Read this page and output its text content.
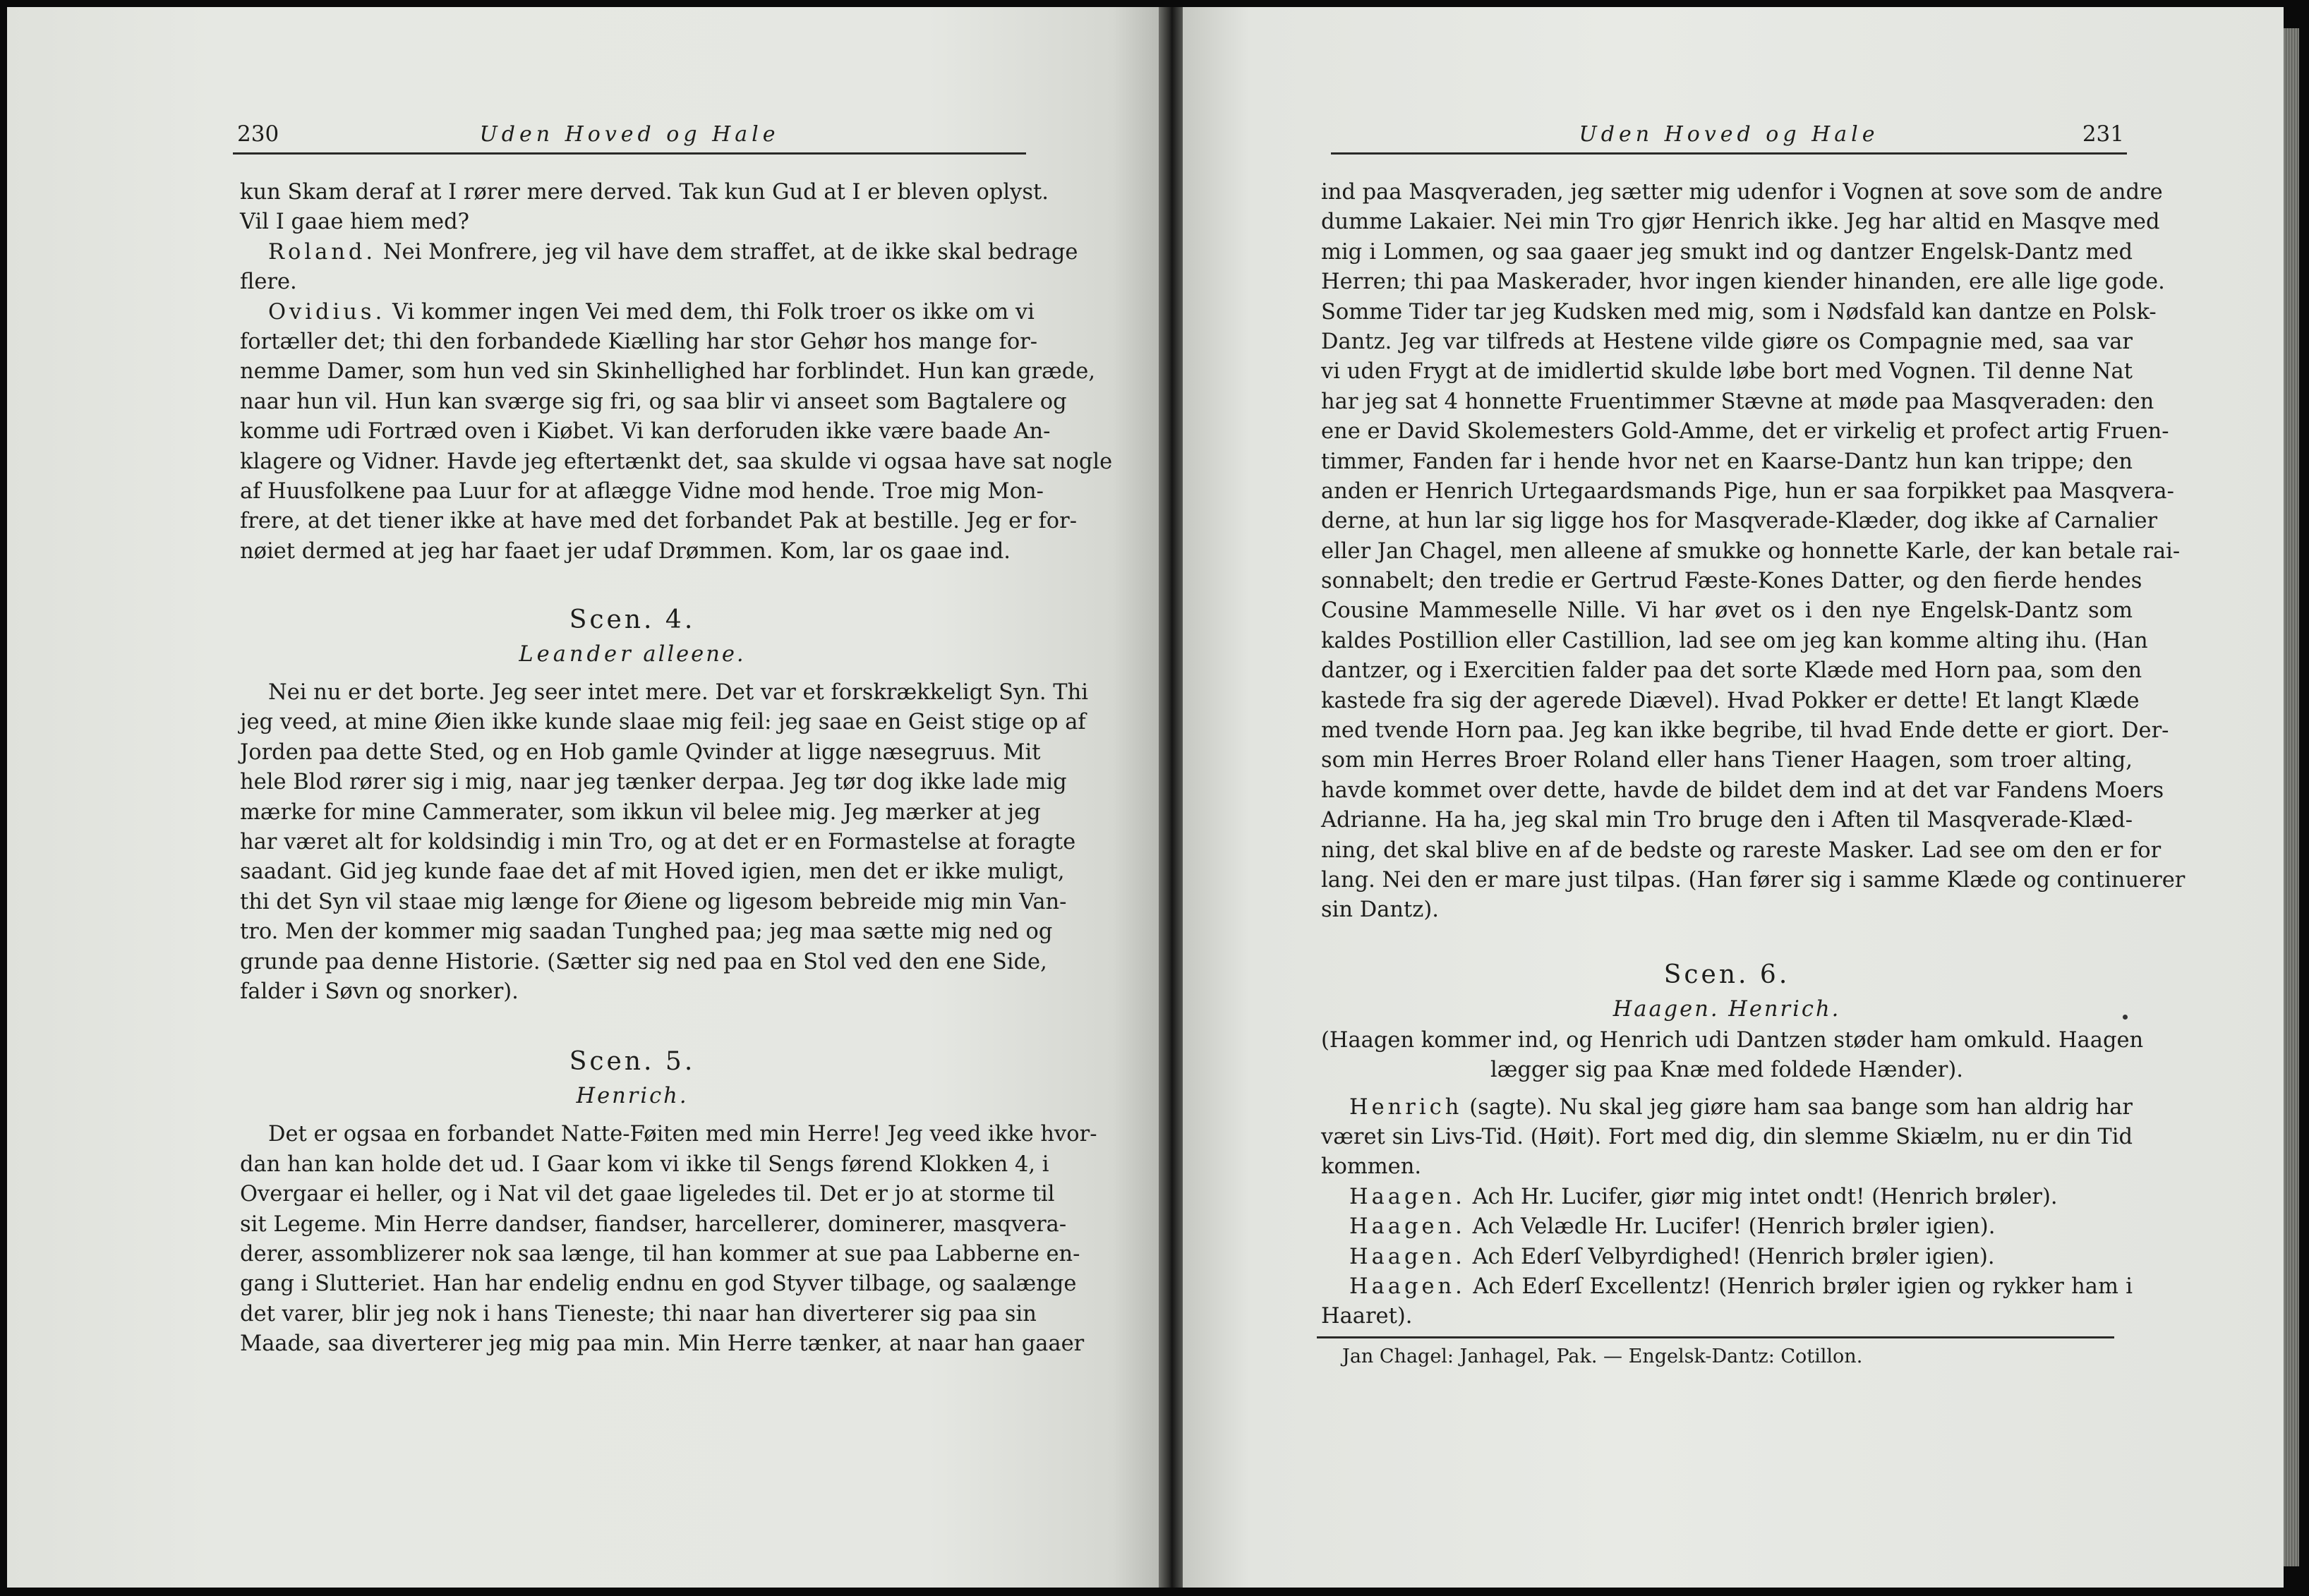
230	Uden Hoved og Hale
kun Skam deraf at I rører mere derved. Tak kun Gud at I er bleven oplyst.
Vil I gaae hiem med?
Roland. Nei Monfrere, jeg vil have dem straffet, at de ikke skal bedrage
flere.
Ovidius. Vi kommer ingen Vei med dem, thi Folk troer os ikke om vi
fortæller det; thi den forbandede Kiælling har stor Gehør hos mange for-
nemme Damer, som hun ved sin Skinhellighed har forblindet. Hun kan græde,
naar hun vil. Hun kan sværge sig fri, og saa blir vi anseet som Bagtalere og
komme udi Fortræd oven i Kiøbet. Vi kan derforuden ikke være baade An-
klagere og Vidner. Havde jeg eftertænkt det, saa skulde vi ogsaa have sat nogle
af Huusfolkene paa Luur for at aflægge Vidne mod hende. Troe mig Mon-
frere, at det tiener ikke at have med det forbandet Pak at bestille. Jeg er for-
nøiet dermed at jeg har faaet jer udaf Drømmen. Kom, lar os gaae ind.
Scen. 4.
Leander alleene.
Nei nu er det borte. Jeg seer intet mere. Det var et forskrækkeligt Syn. Thi
jeg veed, at mine Øien ikke kunde slaae mig feil: jeg saae en Geist stige op af
Jorden paa dette Sted, og en Hob gamle Qvinder at ligge næsegruus. Mit
hele Blod rører sig i mig, naar jeg tænker derpaa. Jeg tør dog ikke lade mig
mærke for mine Cammerater, som ikkun vil belee mig. Jeg mærker at jeg
har været alt for koldsindig i min Tro, og at det er en Formastelse at foragte
saadant. Gid jeg kunde faae det af mit Hoved igien, men det er ikke muligt,
thi det Syn vil staae mig længe for Øiene og ligesom bebreide mig min Van-
tro. Men der kommer mig saadan Tunghed paa; jeg maa sætte mig ned og
grunde paa denne Historie. (Sætter sig ned paa en Stol ved den ene Side,
falder i Søvn og snorker).
Scen. 5.
Henrich.
Det er ogsaa en forbandet Natte-Føiten med min Herre! Jeg veed ikke hvor-
dan han kan holde det ud. I Gaar kom vi ikke til Sengs førend Klokken 4, i
Overgaar ei heller, og i Nat vil det gaae ligeledes til. Det er jo at storme til
sit Legeme. Min Herre dandser, fiandser, harcellerer, dominerer, masqvera-
derer, assomblizerer nok saa længe, til han kommer at sue paa Labberne en-
gang i Slutteriet. Han har endelig endnu en god Styver tilbage, og saalænge
det varer, blir jeg nok i hans Tieneste; thi naar han diverterer sig paa sin
Maade, saa diverterer jeg mig paa min. Min Herre tænker, at naar han gaaer
Uden Hoved og Hale	231
ind paa Masqveraden, jeg sætter mig udenfor i Vognen at sove som de andre
dumme Lakaier. Nei min Tro gjør Henrich ikke. Jeg har altid en Masqve med
mig i Lommen, og saa gaaer jeg smukt ind og dantzer Engelsk-Dantz med
Herren; thi paa Maskerader, hvor ingen kiender hinanden, ere alle lige gode.
Somme Tider tar jeg Kudsken med mig, som i Nødsfald kan dantze en Polsk-
Dantz. Jeg var tilfreds at Hestene vilde giøre os Compagnie med, saa var
vi uden Frygt at de imidlertid skulde løbe bort med Vognen. Til denne Nat
har jeg sat 4 honnette Fruentimmer Stævne at møde paa Masqveraden: den
ene er David Skolemesters Gold-Amme, det er virkelig et profect artig Fruen-
timmer, Fanden far i hende hvor net en Kaarse-Dantz hun kan trippe; den
anden er Henrich Urtegaardsmands Pige, hun er saa forpikket paa Masqvera-
derne, at hun lar sig ligge hos for Masqverade-Klæder, dog ikke af Carnalier
eller Jan Chagel, men alleene af smukke og honnette Karle, der kan betale rai-
sonnabelt; den tredie er Gertrud Fæste-Kones Datter, og den fierde hendes
Cousine Mammeselle Nille. Vi har øvet os i den nye Engelsk-Dantz som
kaldes Postillion eller Castillion, lad see om jeg kan komme alting ihu. (Han
dantzer, og i Exercitien falder paa det sorte Klæde med Horn paa, som den
kastede fra sig der agerede Diævel). Hvad Pokker er dette! Et langt Klæde
med tvende Horn paa. Jeg kan ikke begribe, til hvad Ende dette er giort. Der-
som min Herres Broer Roland eller hans Tiener Haagen, som troer alting,
havde kommet over dette, havde de bildet dem ind at det var Fandens Moers
Adrianne. Ha ha, jeg skal min Tro bruge den i Aften til Masqverade-Klæd-
ning, det skal blive en af de bedste og rareste Masker. Lad see om den er for
lang. Nei den er mare just tilpas. (Han fører sig i samme Klæde og continuerer
sin Dantz).
Scen. 6.
Haagen. Henrich.
(Haagen kommer ind, og Henrich udi Dantzen støder ham omkuld. Haagen
lægger sig paa Knæ med foldede Hænder).
Henrich (sagte). Nu skal jeg giøre ham saa bange som han aldrig har
været sin Livs-Tid. (Høit). Fort med dig, din slemme Skiælm, nu er din Tid
kommen.
Haagen. Ach Hr. Lucifer, giør mig intet ondt! (Henrich brøler).
Haagen. Ach Velædle Hr. Lucifer! (Henrich brøler igien).
Haagen. Ach Ederſ Velbyrdighed! (Henrich brøler igien).
Haagen. Ach Ederſ Excellentz! (Henrich brøler igien og rykker ham i
Haaret).
Jan Chagel: Janhagel, Pak. — Engelsk-Dantz: Cotillon.
